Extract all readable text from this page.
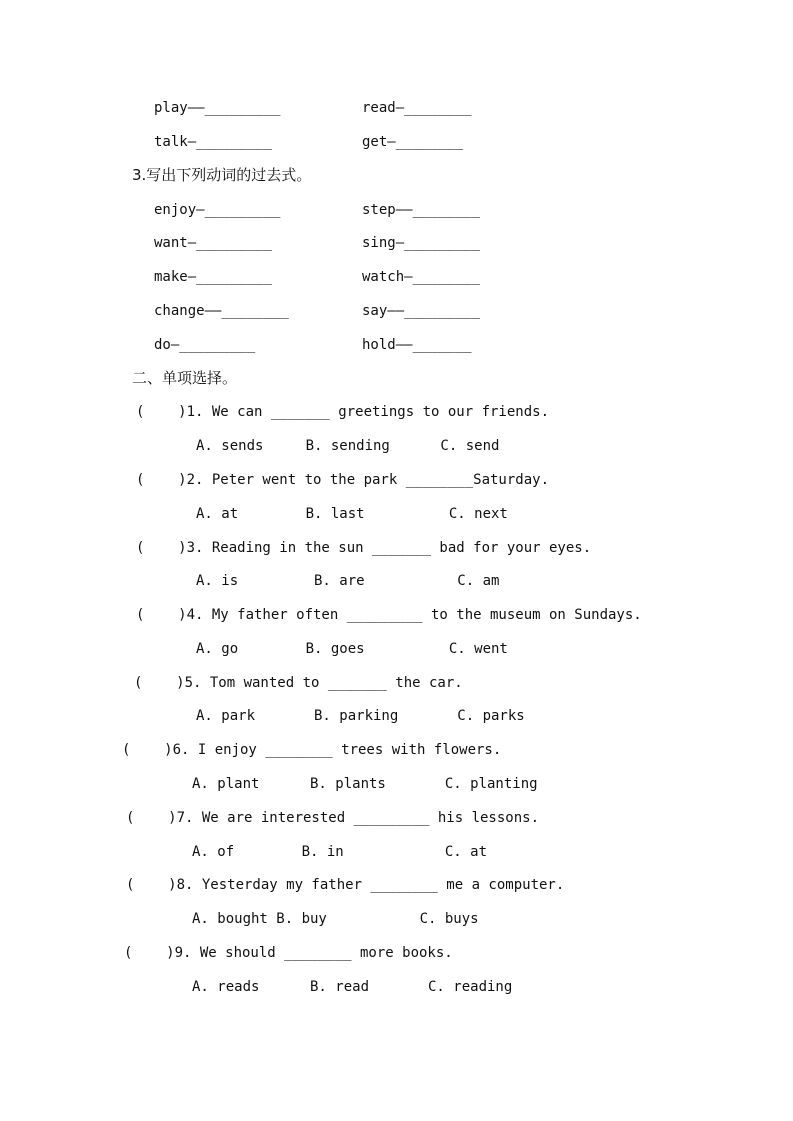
play——_________	read—________
talk—_________	get—________
3.写出下列动词的过去式。
enjoy—_________	step——________
want—_________	sing—_________
make—_________	watch—________
change——________	say——_________
do—_________	hold——_______
二、单项选择。
(    )1. We can _______ greetings to our friends.
A. sends     B. sending      C. send
(    )2. Peter went to the park ________Saturday.
A. at        B. last          C. next
(    )3. Reading in the sun _______ bad for your eyes.
A. is         B. are           C. am
(    )4. My father often _________ to the museum on Sundays.
A. go        B. goes          C. went
(    )5. Tom wanted to _______ the car.
A. park       B. parking       C. parks
(    )6. I enjoy ________ trees with flowers.
A. plant      B. plants       C. planting
(    )7. We are interested _________ his lessons.
A. of        B. in            C. at
(    )8. Yesterday my father ________ me a computer.
A. bought B. buy           C. buys
(    )9. We should ________ more books.
A. reads      B. read       C. reading
